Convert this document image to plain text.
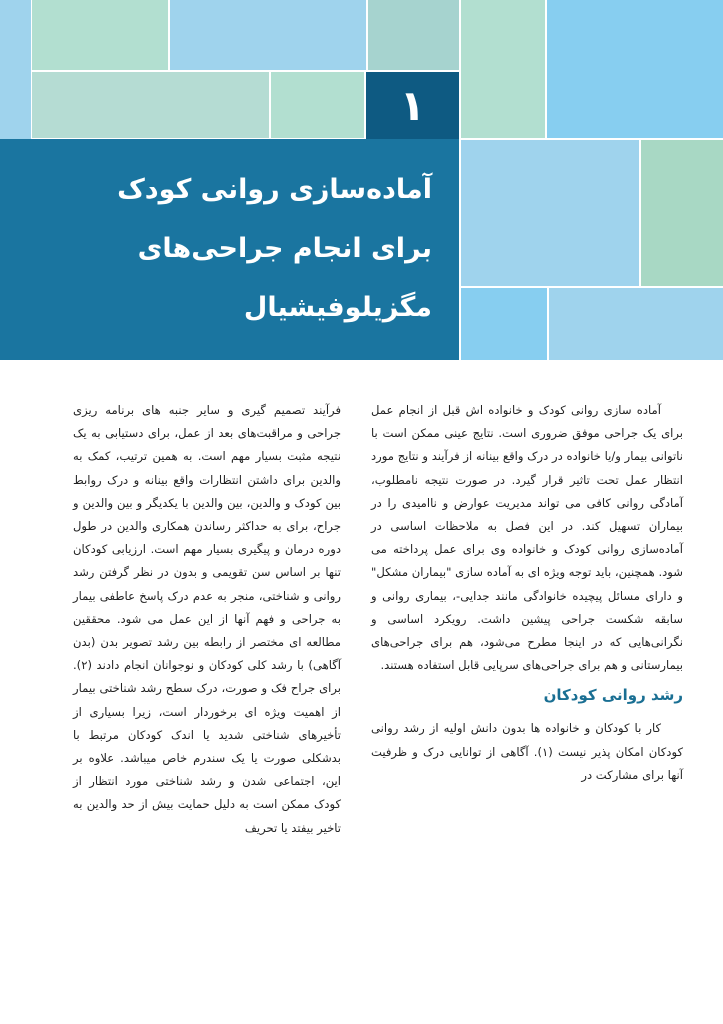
۱
آماده‌سازی روانی کودک
برای انجام جراحی‌های
مگزیلوفیشیال

آماده سازی روانی کودک و خانواده اش قبل از انجام عمل برای یک جراحی موفق ضروری است. نتایج عینی ممکن است با ناتوانی بیمار و/یا خانواده در درک واقع بینانه از فرآیند و نتایج مورد انتظار عمل تحت تاثیر قرار گیرد. در صورت نتیجه نامطلوب، آمادگی روانی کافی می تواند مدیریت عوارض و ناامیدی را در بیماران تسهیل کند. در این فصل به ملاحظات اساسی در آماده‌سازی روانی کودک و خانواده وی برای عمل پرداخته می شود. همچنین، باید توجه ویژه ای به آماده سازی "بیماران مشکل" و دارای مسائل پیچیده خانوادگی مانند جدایی-، بیماری روانی و سابقه شکست جراحی پیشین داشت. رویکرد اساسی و نگرانی‌هایی که در اینجا مطرح می‌شود، هم برای جراحی‌های بیمارستانی و هم برای جراحی‌های سرپایی قابل استفاده هستند.

رشد روانی کودکان

کار با کودکان و خانواده ها بدون دانش اولیه از رشد روانی کودکان امکان پذیر نیست (۱). آگاهی از توانایی درک و ظرفیت آنها برای مشارکت در

فرآیند تصمیم گیری و سایر جنبه های برنامه ریزی جراحی و مراقبت‌های بعد از عمل، برای دستیابی به یک نتیجه مثبت بسیار مهم است. به همین ترتیب، کمک به والدین برای داشتن انتظارات واقع بینانه و درک روابط بین کودک و والدین، بین والدین با یکدیگر و بین والدین و جراح، برای به حداکثر رساندن همکاری والدین در طول دوره درمان و پیگیری بسیار مهم است. ارزیابی کودکان تنها بر اساس سن تقویمی و بدون در نظر گرفتن رشد روانی و شناختی، منجر به عدم درک پاسخ عاطفی بیمار به جراحی و فهم آنها از این عمل می شود. محققین مطالعه ای مختصر از رابطه بین رشد تصویر بدن (بدن آگاهی) با رشد کلی کودکان و نوجوانان انجام دادند (۲). برای جراح فک و صورت، درک سطح رشد شناختی بیمار از اهمیت ویژه ای برخوردار است، زیرا بسیاری از تأخیرهای شناختی شدید یا اندک کودکان مرتبط با بدشکلی صورت یا یک سندرم خاص میباشد. علاوه بر این، اجتماعی شدن و رشد شناختی مورد انتظار از کودک ممکن است به دلیل حمایت بیش از حد والدین به تاخیر بیفتد یا تحریف
